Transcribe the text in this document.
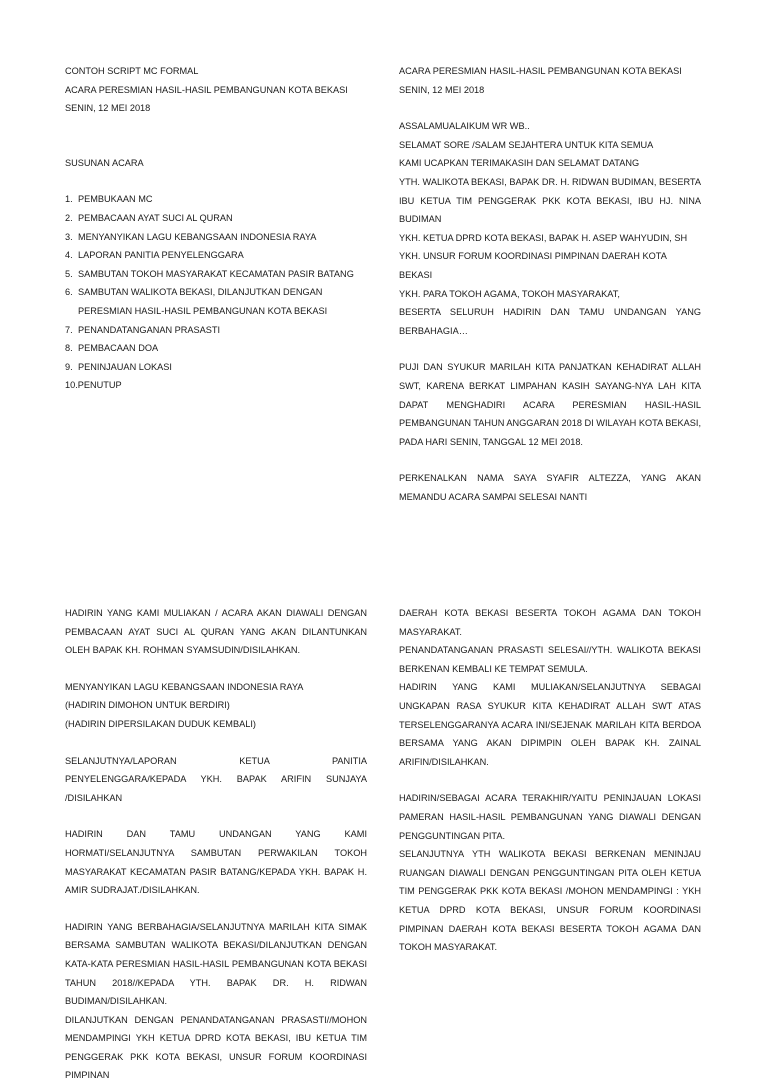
CONTOH SCRIPT MC FORMAL

ACARA PERESMIAN HASIL-HASIL PEMBANGUNAN KOTA BEKASI

SENIN, 12 MEI 2018

SUSUNAN ACARA

1. PEMBUKAAN MC
2. PEMBACAAN AYAT SUCI AL QURAN
3. MENYANYIKAN LAGU KEBANGSAAN INDONESIA RAYA
4. LAPORAN PANITIA PENYELENGGARA
5. SAMBUTAN TOKOH MASYARAKAT KECAMATAN PASIR BATANG
6. SAMBUTAN WALIKOTA BEKASI, DILANJUTKAN DENGAN PERESMIAN HASIL-HASIL PEMBANGUNAN KOTA BEKASI
7. PENANDATANGANAN PRASASTI
8. PEMBACAAN DOA
9. PENINJAUAN LOKASI
10.PENUTUP

ACARA PERESMIAN HASIL-HASIL PEMBANGUNAN KOTA BEKASI

SENIN, 12 MEI 2018

ASSALAMUALAIKUM WR WB..

SELAMAT SORE /SALAM SEJAHTERA UNTUK KITA SEMUA

KAMI UCAPKAN TERIMAKASIH DAN SELAMAT DATANG

YTH. WALIKOTA BEKASI, BAPAK DR. H. RIDWAN BUDIMAN, BESERTA IBU KETUA TIM PENGGERAK PKK KOTA BEKASI, IBU HJ. NINA BUDIMAN

YKH. KETUA DPRD KOTA BEKASI, BAPAK H. ASEP WAHYUDIN, SH

YKH. UNSUR FORUM KOORDINASI PIMPINAN DAERAH KOTA BEKASI

YKH. PARA TOKOH AGAMA, TOKOH MASYARAKAT,

BESERTA SELURUH HADIRIN DAN TAMU UNDANGAN YANG BERBAHAGIA…

PUJI DAN SYUKUR MARILAH KITA PANJATKAN KEHADIRAT ALLAH SWT, KARENA BERKAT LIMPAHAN KASIH SAYANG-NYA LAH KITA DAPAT MENGHADIRI ACARA PERESMIAN HASIL-HASIL PEMBANGUNAN TAHUN ANGGARAN 2018 DI WILAYAH KOTA BEKASI, PADA HARI SENIN, TANGGAL 12 MEI 2018.

PERKENALKAN NAMA SAYA SYAFIR ALTEZZA, YANG AKAN MEMANDU ACARA SAMPAI SELESAI NANTI

HADIRIN YANG KAMI MULIAKAN / ACARA AKAN DIAWALI DENGAN PEMBACAAN AYAT SUCI AL QURAN YANG AKAN DILANTUNKAN OLEH BAPAK KH. ROHMAN SYAMSUDIN/DISILAHKAN.

MENYANYIKAN LAGU KEBANGSAAN INDONESIA RAYA

(HADIRIN DIMOHON UNTUK BERDIRI)

(HADIRIN DIPERSILAKAN DUDUK KEMBALI)

SELANJUTNYA/LAPORAN KETUA PANITIA PENYELENGGARA/KEPADA YKH. BAPAK ARIFIN SUNJAYA /DISILAHKAN

HADIRIN DAN TAMU UNDANGAN YANG KAMI HORMATI/SELANJUTNYA SAMBUTAN PERWAKILAN TOKOH MASYARAKAT KECAMATAN PASIR BATANG/KEPADA YKH. BAPAK H. AMIR SUDRAJAT./DISILAHKAN.

HADIRIN YANG BERBAHAGIA/SELANJUTNYA MARILAH KITA SIMAK BERSAMA SAMBUTAN WALIKOTA BEKASI/DILANJUTKAN DENGAN KATA-KATA PERESMIAN HASIL-HASIL PEMBANGUNAN KOTA BEKASI TAHUN 2018//KEPADA YTH. BAPAK DR. H. RIDWAN BUDIMAN/DISILAHKAN.

DILANJUTKAN DENGAN PENANDATANGANAN PRASASTI//MOHON MENDAMPINGI YKH KETUA DPRD KOTA BEKASI, IBU KETUA TIM PENGGERAK PKK KOTA BEKASI, UNSUR FORUM KOORDINASI PIMPINAN

DAERAH KOTA BEKASI BESERTA TOKOH AGAMA DAN TOKOH MASYARAKAT.

PENANDATANGANAN PRASASTI SELESAI//YTH. WALIKOTA BEKASI BERKENAN KEMBALI KE TEMPAT SEMULA.

HADIRIN YANG KAMI MULIAKAN/SELANJUTNYA SEBAGAI UNGKAPAN RASA SYUKUR KITA KEHADIRAT ALLAH SWT ATAS TERSELENGGARANYA ACARA INI/SEJENAK MARILAH KITA BERDOA BERSAMA YANG AKAN DIPIMPIN OLEH BAPAK KH. ZAINAL ARIFIN/DISILAHKAN.

HADIRIN/SEBAGAI ACARA TERAKHIR/YAITU PENINJAUAN LOKASI PAMERAN HASIL-HASIL PEMBANGUNAN YANG DIAWALI DENGAN PENGGUNTINGAN PITA.

SELANJUTNYA YTH WALIKOTA BEKASI BERKENAN MENINJAU RUANGAN DIAWALI DENGAN PENGGUNTINGAN PITA OLEH KETUA TIM PENGGERAK PKK KOTA BEKASI /MOHON MENDAMPINGI : YKH KETUA DPRD KOTA BEKASI, UNSUR FORUM KOORDINASI PIMPINAN DAERAH KOTA BEKASI BESERTA TOKOH AGAMA DAN TOKOH MASYARAKAT.
